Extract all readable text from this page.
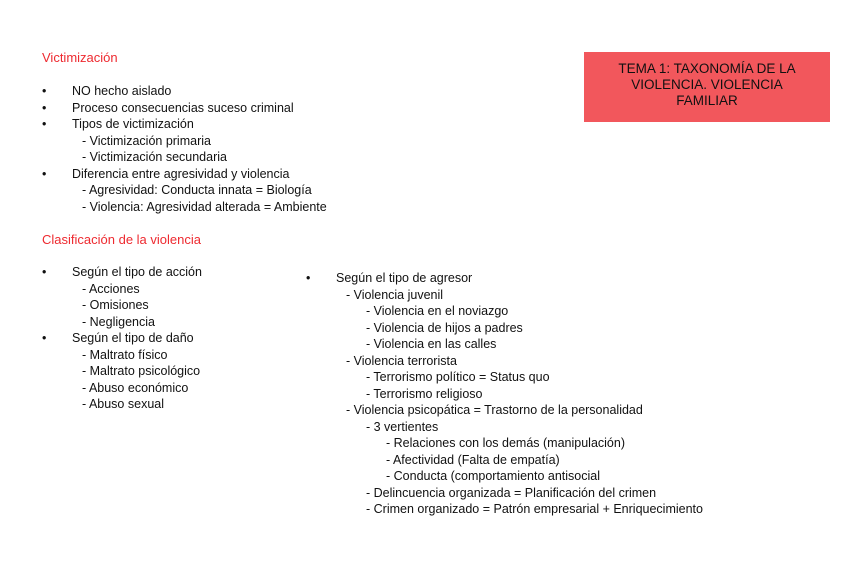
TEMA 1: TAXONOMÍA DE LA
VIOLENCIA. VIOLENCIA
FAMILIAR
Victimización
• NO hecho aislado
• Proceso consecuencias suceso criminal
• Tipos de victimización
- Victimización primaria
- Victimización secundaria
• Diferencia entre agresividad y violencia
- Agresividad: Conducta innata = Biología
- Violencia: Agresividad alterada = Ambiente
Clasificación de la violencia
• Según el tipo de acción
- Acciones
- Omisiones
- Negligencia
• Según el tipo de daño
- Maltrato físico
- Maltrato psicológico
- Abuso económico
- Abuso sexual
• Según el tipo de agresor
- Violencia juvenil
- Violencia en el noviazgo
- Violencia de hijos a padres
- Violencia en las calles
- Violencia terrorista
- Terrorismo político = Status quo
- Terrorismo religioso
- Violencia psicopática = Trastorno de la personalidad
- 3 vertientes
- Relaciones con los demás (manipulación)
- Afectividad (Falta de empatía)
- Conducta (comportamiento antisocial
- Delincuencia organizada = Planificación del crimen
- Crimen organizado = Patrón empresarial + Enriquecimiento
